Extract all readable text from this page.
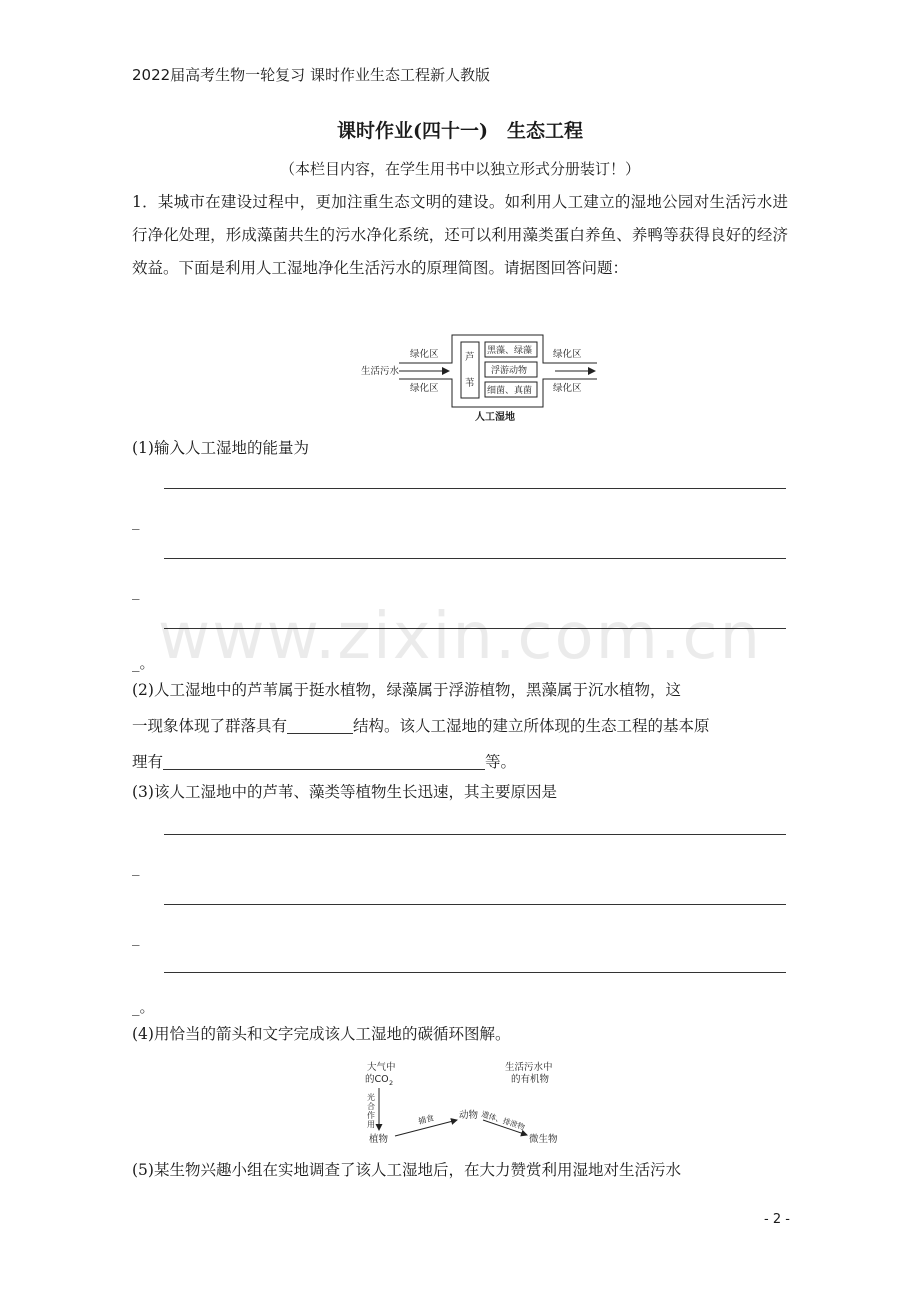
2022届高考生物一轮复习 课时作业生态工程新人教版
课时作业(四十一)　生态工程
（本栏目内容，在学生用书中以独立形式分册装订！）
1．某城市在建设过程中，更加注重生态文明的建设。如利用人工建立的湿地公园对生活污水进行净化处理，形成藻菌共生的污水净化系统，还可以利用藻类蛋白养鱼、养鸭等获得良好的经济效益。下面是利用人工湿地净化生活污水的原理简图。请据图回答问题：
生活污水
绿化区
绿化区
芦
苇
黑藻、绿藻
浮游动物
细菌、真菌
绿化区
绿化区
人工湿地
(1)输入人工湿地的能量为
_
_
_。
(2)人工湿地中的芦苇属于挺水植物，绿藻属于浮游植物，黑藻属于沉水植物，这
一现象体现了群落具有	结构。该人工湿地的建立所体现的生态工程的基本原
理有	等。
(3)该人工湿地中的芦苇、藻类等植物生长迅速，其主要原因是
_
_
_。
(4)用恰当的箭头和文字完成该人工湿地的碳循环图解。
大气中
的CO 2
生活污水中
的有机物
光
合
作
用
植物
捕食	动物 遗体、排泄物
微生物
(5)某生物兴趣小组在实地调查了该人工湿地后，在大力赞赏利用湿地对生活污水
www.zixin.com.cn
- 2 -
